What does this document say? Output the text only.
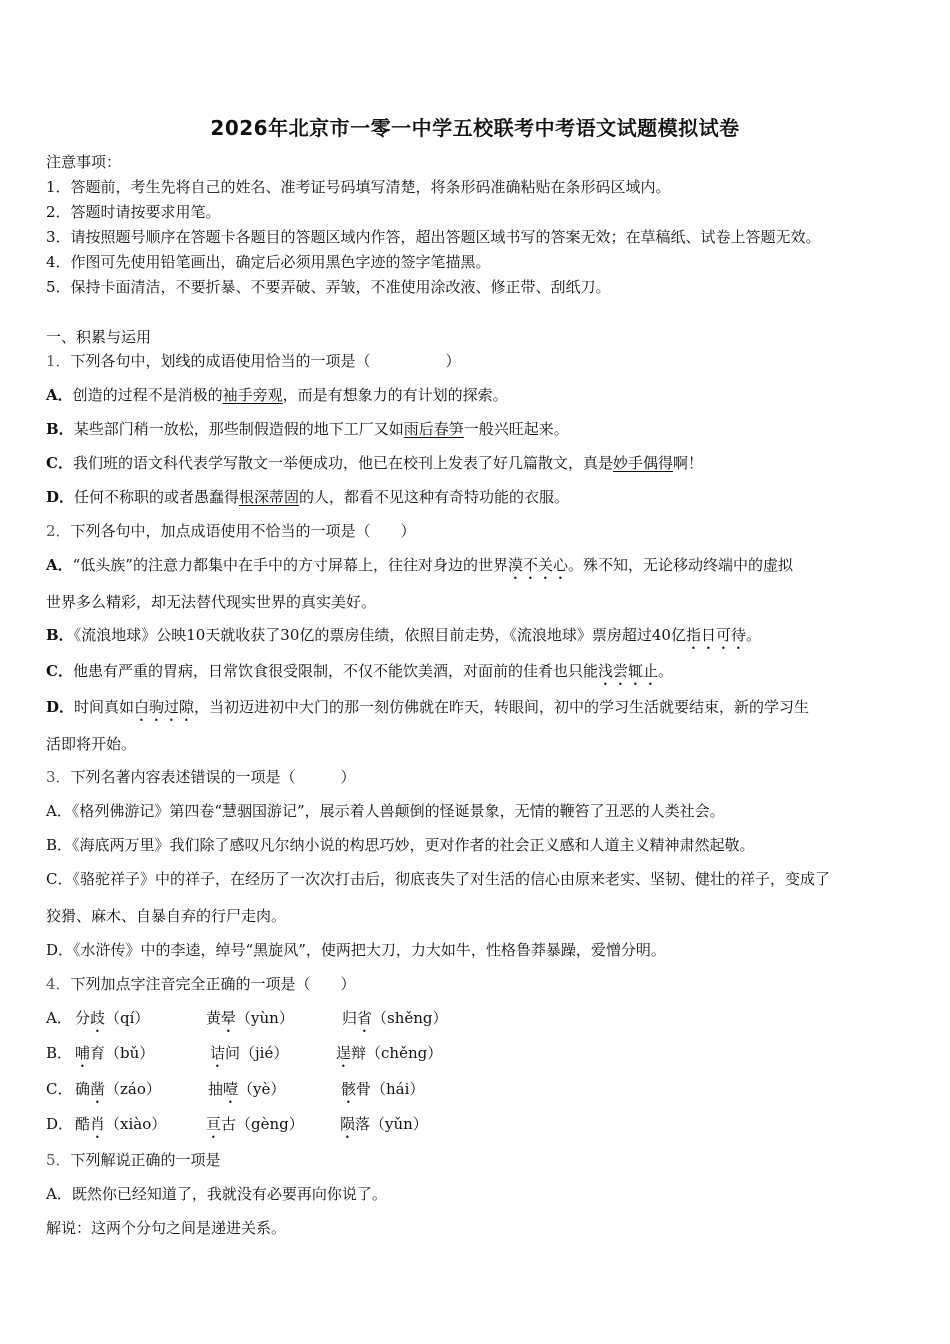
2026年北京市一零一中学五校联考中考语文试题模拟试卷
注意事项：
1．答题前，考生先将自己的姓名、准考证号码填写清楚，将条形码准确粘贴在条形码区域内。
2．答题时请按要求用笔。
3．请按照题号顺序在答题卡各题目的答题区域内作答，超出答题区域书写的答案无效；在草稿纸、试卷上答题无效。
4．作图可先使用铅笔画出，确定后必须用黑色字迹的签字笔描黑。
5．保持卡面清洁，不要折暴、不要弄破、弄皱，不准使用涂改液、修正带、刮纸刀。
一、积累与运用
1．下列各句中，划线的成语使用恰当的一项是（　　　　　）
A．创造的过程不是消极的袖手旁观，而是有想象力的有计划的探索。
B．某些部门稍一放松，那些制假造假的地下工厂又如雨后春笋一般兴旺起来。
C．我们班的语文科代表学写散文一举便成功，他已在校刊上发表了好几篇散文，真是妙手偶得啊！
D．任何不称职的或者愚蠢得根深蒂固的人，都看不见这种有奇特功能的衣服。
2．下列各句中，加点成语使用不恰当的一项是（　　）
A．“低头族”的注意力都集中在手中的方寸屏幕上，往往对身边的世界漠不关心。殊不知，无论移动终端中的虚拟
世界多么精彩，却无法替代现实世界的真实美好。
B．《流浪地球》公映10天就收获了30亿的票房佳绩，依照目前走势，《流浪地球》票房超过40亿指日可待。
C．他患有严重的胃病，日常饮食很受限制，不仅不能饮美酒，对面前的佳肴也只能浅尝辄止。
D．时间真如白驹过隙，当初迈进初中大门的那一刻仿佛就在昨天，转眼间，初中的学习生活就要结束，新的学习生
活即将开始。
3．下列名著内容表述错误的一项是（　　　）
A．《格列佛游记》第四卷“慧骃国游记”，展示着人兽颠倒的怪诞景象，无情的鞭笞了丑恶的人类社会。
B．《海底两万里》我们除了感叹凡尔纳小说的构思巧妙，更对作者的社会正义感和人道主义精神肃然起敬。
C．《骆驼祥子》中的祥子，在经历了一次次打击后，彻底丧失了对生活的信心由原来老实、坚韧、健壮的祥子，变成了
狡猾、麻木、自暴自弃的行尸走肉。
D．《水浒传》中的李逵，绰号“黑旋风”，使两把大刀，力大如牛，性格鲁莽暴躁，爱憎分明。
4．下列加点字注音完全正确的一项是（　　）
A． 分歧（qí）	黄晕（yùn）	归省（shěng）
B． 哺育（bǔ）	诘问（jié）	逞辩（chěng）
C． 确凿（záo）	抽噎（yè）	骸骨（hái）
D． 酷肖（xiào）	亘古（gèng） 陨落（yǔn）
5．下列解说正确的一项是
A．既然你已经知道了，我就没有必要再向你说了。
解说：这两个分句之间是递进关系。
